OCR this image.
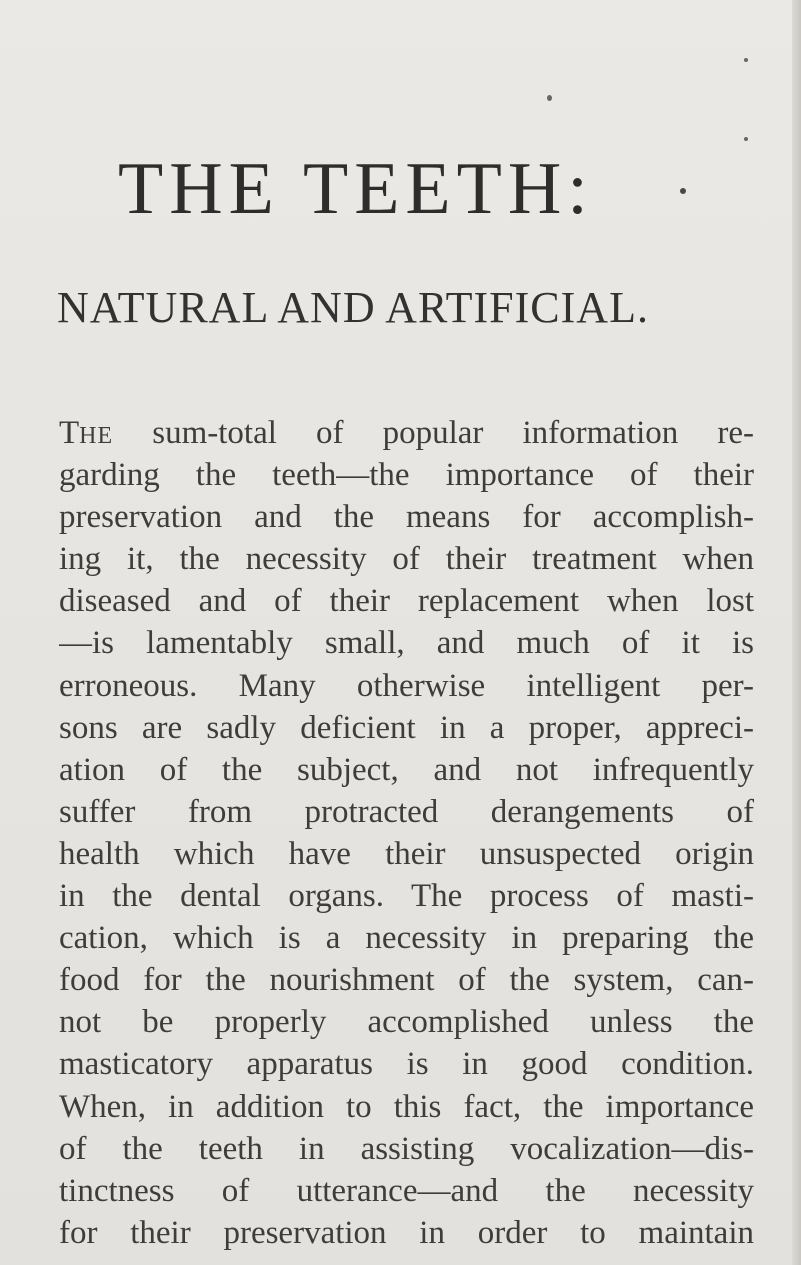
THE TEETH:
NATURAL AND ARTIFICIAL.
THE sum-total of popular information re-
garding the teeth—the importance of their
preservation and the means for accomplish-
ing it, the necessity of their treatment when
diseased and of their replacement when lost
—is lamentably small, and much of it is
erroneous. Many otherwise intelligent per-
sons are sadly deficient in a proper, appreci-
ation of the subject, and not infrequently
suffer from protracted derangements of
health which have their unsuspected origin
in the dental organs. The process of masti-
cation, which is a necessity in preparing the
food for the nourishment of the system, can-
not be properly accomplished unless the
masticatory apparatus is in good condition.
When, in addition to this fact, the importance
of the teeth in assisting vocalization—dis-
tinctness of utterance—and the necessity
for their preservation in order to maintain
